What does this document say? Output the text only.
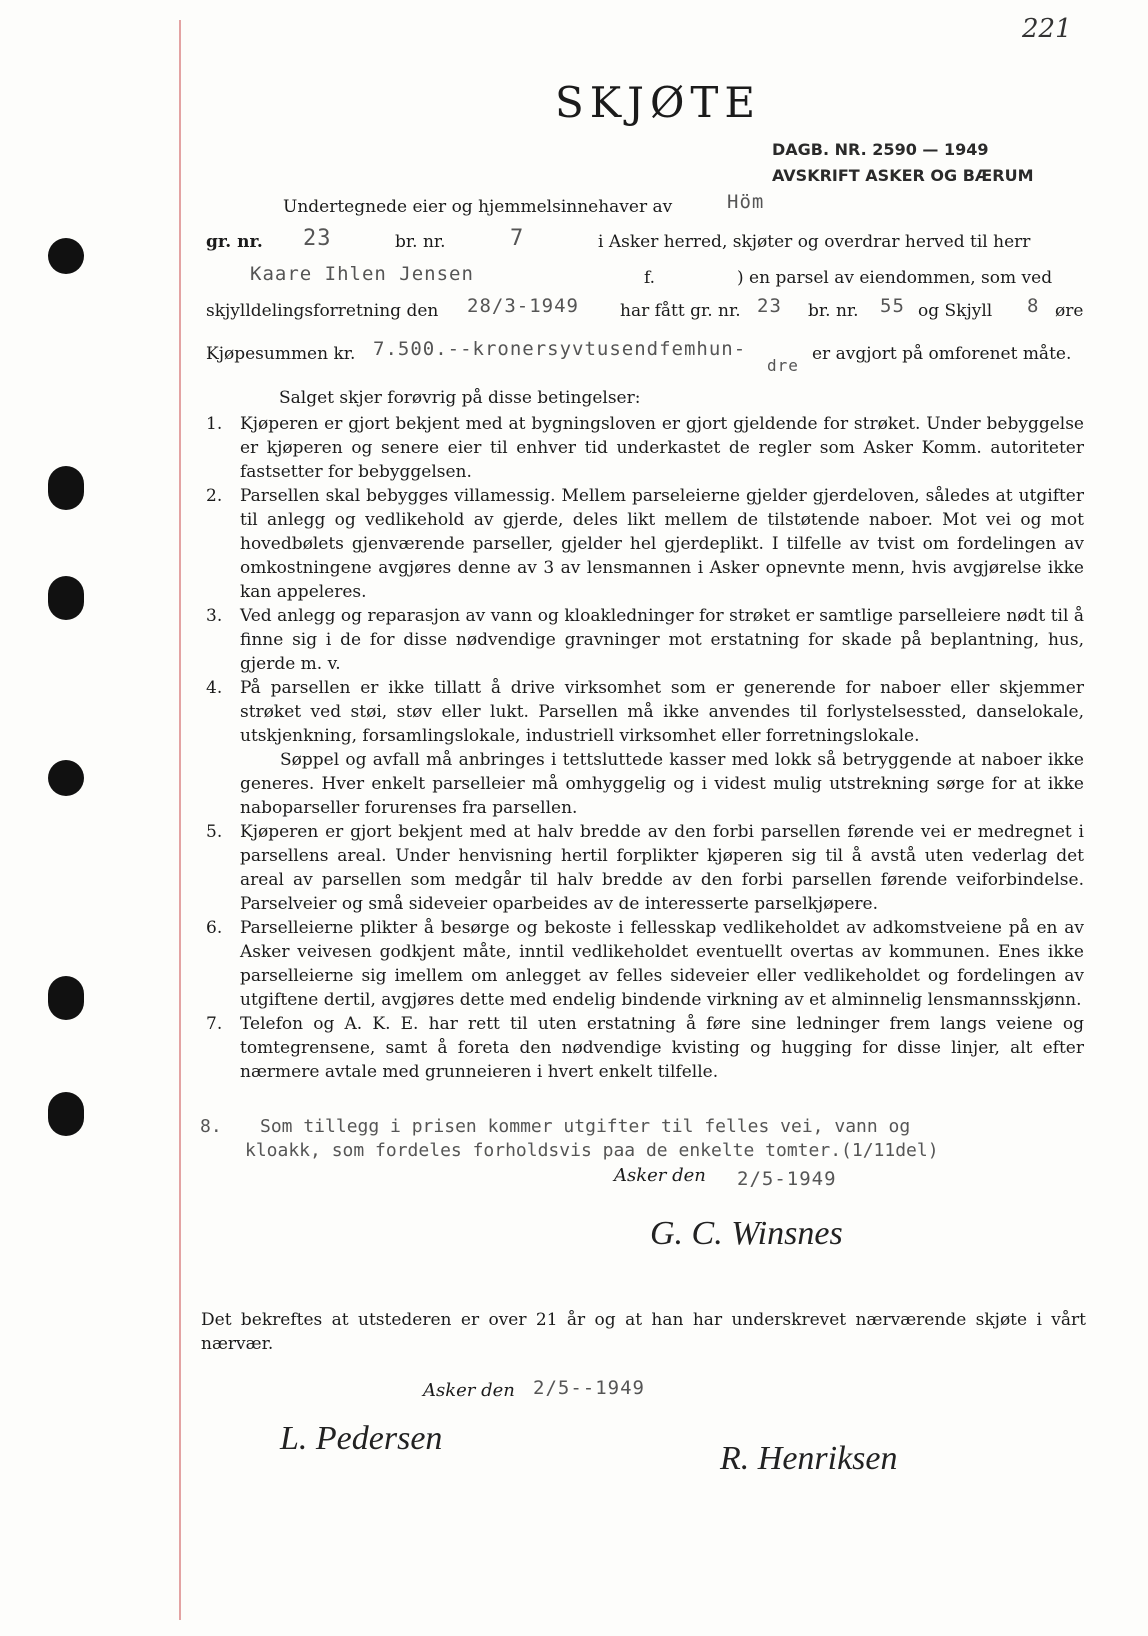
221
SKJØTE
DAGB. NR. 2590 — 1949
AVSKRIFT ASKER OG BÆRUM
Undertegnede eier og hjemmelsinnehaver av	Höm
gr. nr. 23	br. nr.	7	i Asker herred, skjøter og overdrar herved til herr
Kaare Ihlen Jensen	f.	) en parsel av eiendommen, som ved
skjylldelingsforretning den 28/3-1949 har fått gr. nr. 23 br. nr. 55 og Skjyll 8 øre
Kjøpesummen kr. 7.500.--kronersyvtusendfemhun-
dre
er avgjort på omforenet måte.
Salget skjer forøvrig på disse betingelser:
1. Kjøperen er gjort bekjent med at bygningsloven er gjort gjeldende for strøket. Under bebyggelse er kjøperen og senere eier til enhver tid underkastet de regler som Asker Komm. autoriteter fastsetter for bebyggelsen.

2. Parsellen skal bebygges villamessig. Mellem parseleierne gjelder gjerdeloven, således at utgifter til anlegg og vedlikehold av gjerde, deles likt mellem de tilstøtende naboer. Mot vei og mot hovedbølets gjenværende parseller, gjelder hel gjerdeplikt. I tilfelle av tvist om fordelingen av omkostningene avgjøres denne av 3 av lensmannen i Asker opnevnte menn, hvis avgjørelse ikke kan appeleres.

3. Ved anlegg og reparasjon av vann og kloakledninger for strøket er samtlige parselleiere nødt til å finne sig i de for disse nødvendige gravninger mot erstatning for skade på beplantning, hus, gjerde m. v.

4. På parsellen er ikke tillatt å drive virksomhet som er generende for naboer eller skjemmer strøket ved støi, støv eller lukt. Parsellen må ikke anvendes til forlystelsessted, danselokale, utskjenkning, forsamlingslokale, industriell virksomhet eller forretningslokale.

Søppel og avfall må anbringes i tettsluttede kasser med lokk så betryggende at naboer ikke generes. Hver enkelt parselleier må omhyggelig og i videst mulig utstrekning sørge for at ikke naboparseller forurenses fra parsellen.

5. Kjøperen er gjort bekjent med at halv bredde av den forbi parsellen førende vei er medregnet i parsellens areal. Under henvisning hertil forplikter kjøperen sig til å avstå uten vederlag det areal av parsellen som medgår til halv bredde av den forbi parsellen førende veiforbindelse. Parselveier og små sideveier oparbeides av de interesserte parselkjøpere.

6. Parselleierne plikter å besørge og bekoste i fellesskap vedlikeholdet av adkomstveiene på en av Asker veivesen godkjent måte, inntil vedlikeholdet eventuellt overtas av kommunen. Enes ikke parselleierne sig imellem om anlegget av felles sideveier eller vedlikeholdet og fordelingen av utgiftene dertil, avgjøres dette med endelig bindende virkning av et alminnelig lensmannsskjønn.

7. Telefon og A. K. E. har rett til uten erstatning å føre sine ledninger frem langs veiene og tomtegrensene, samt å foreta den nødvendige kvisting og hugging for disse linjer, alt efter nærmere avtale med grunneieren i hvert enkelt tilfelle.

8. Som tillegg i prisen kommer utgifter til felles vei, vann og
kloakk, som fordeles forholdsvis paa de enkelte tomter.(1/11del)
Asker den 2/5-1949
G. C. Winsnes
Det bekreftes at utstederen er over 21 år og at han har underskrevet nærværende skjøte i vårt nærvær.
Asker den 2/5--1949
L. Pedersen
R. Henriksen
